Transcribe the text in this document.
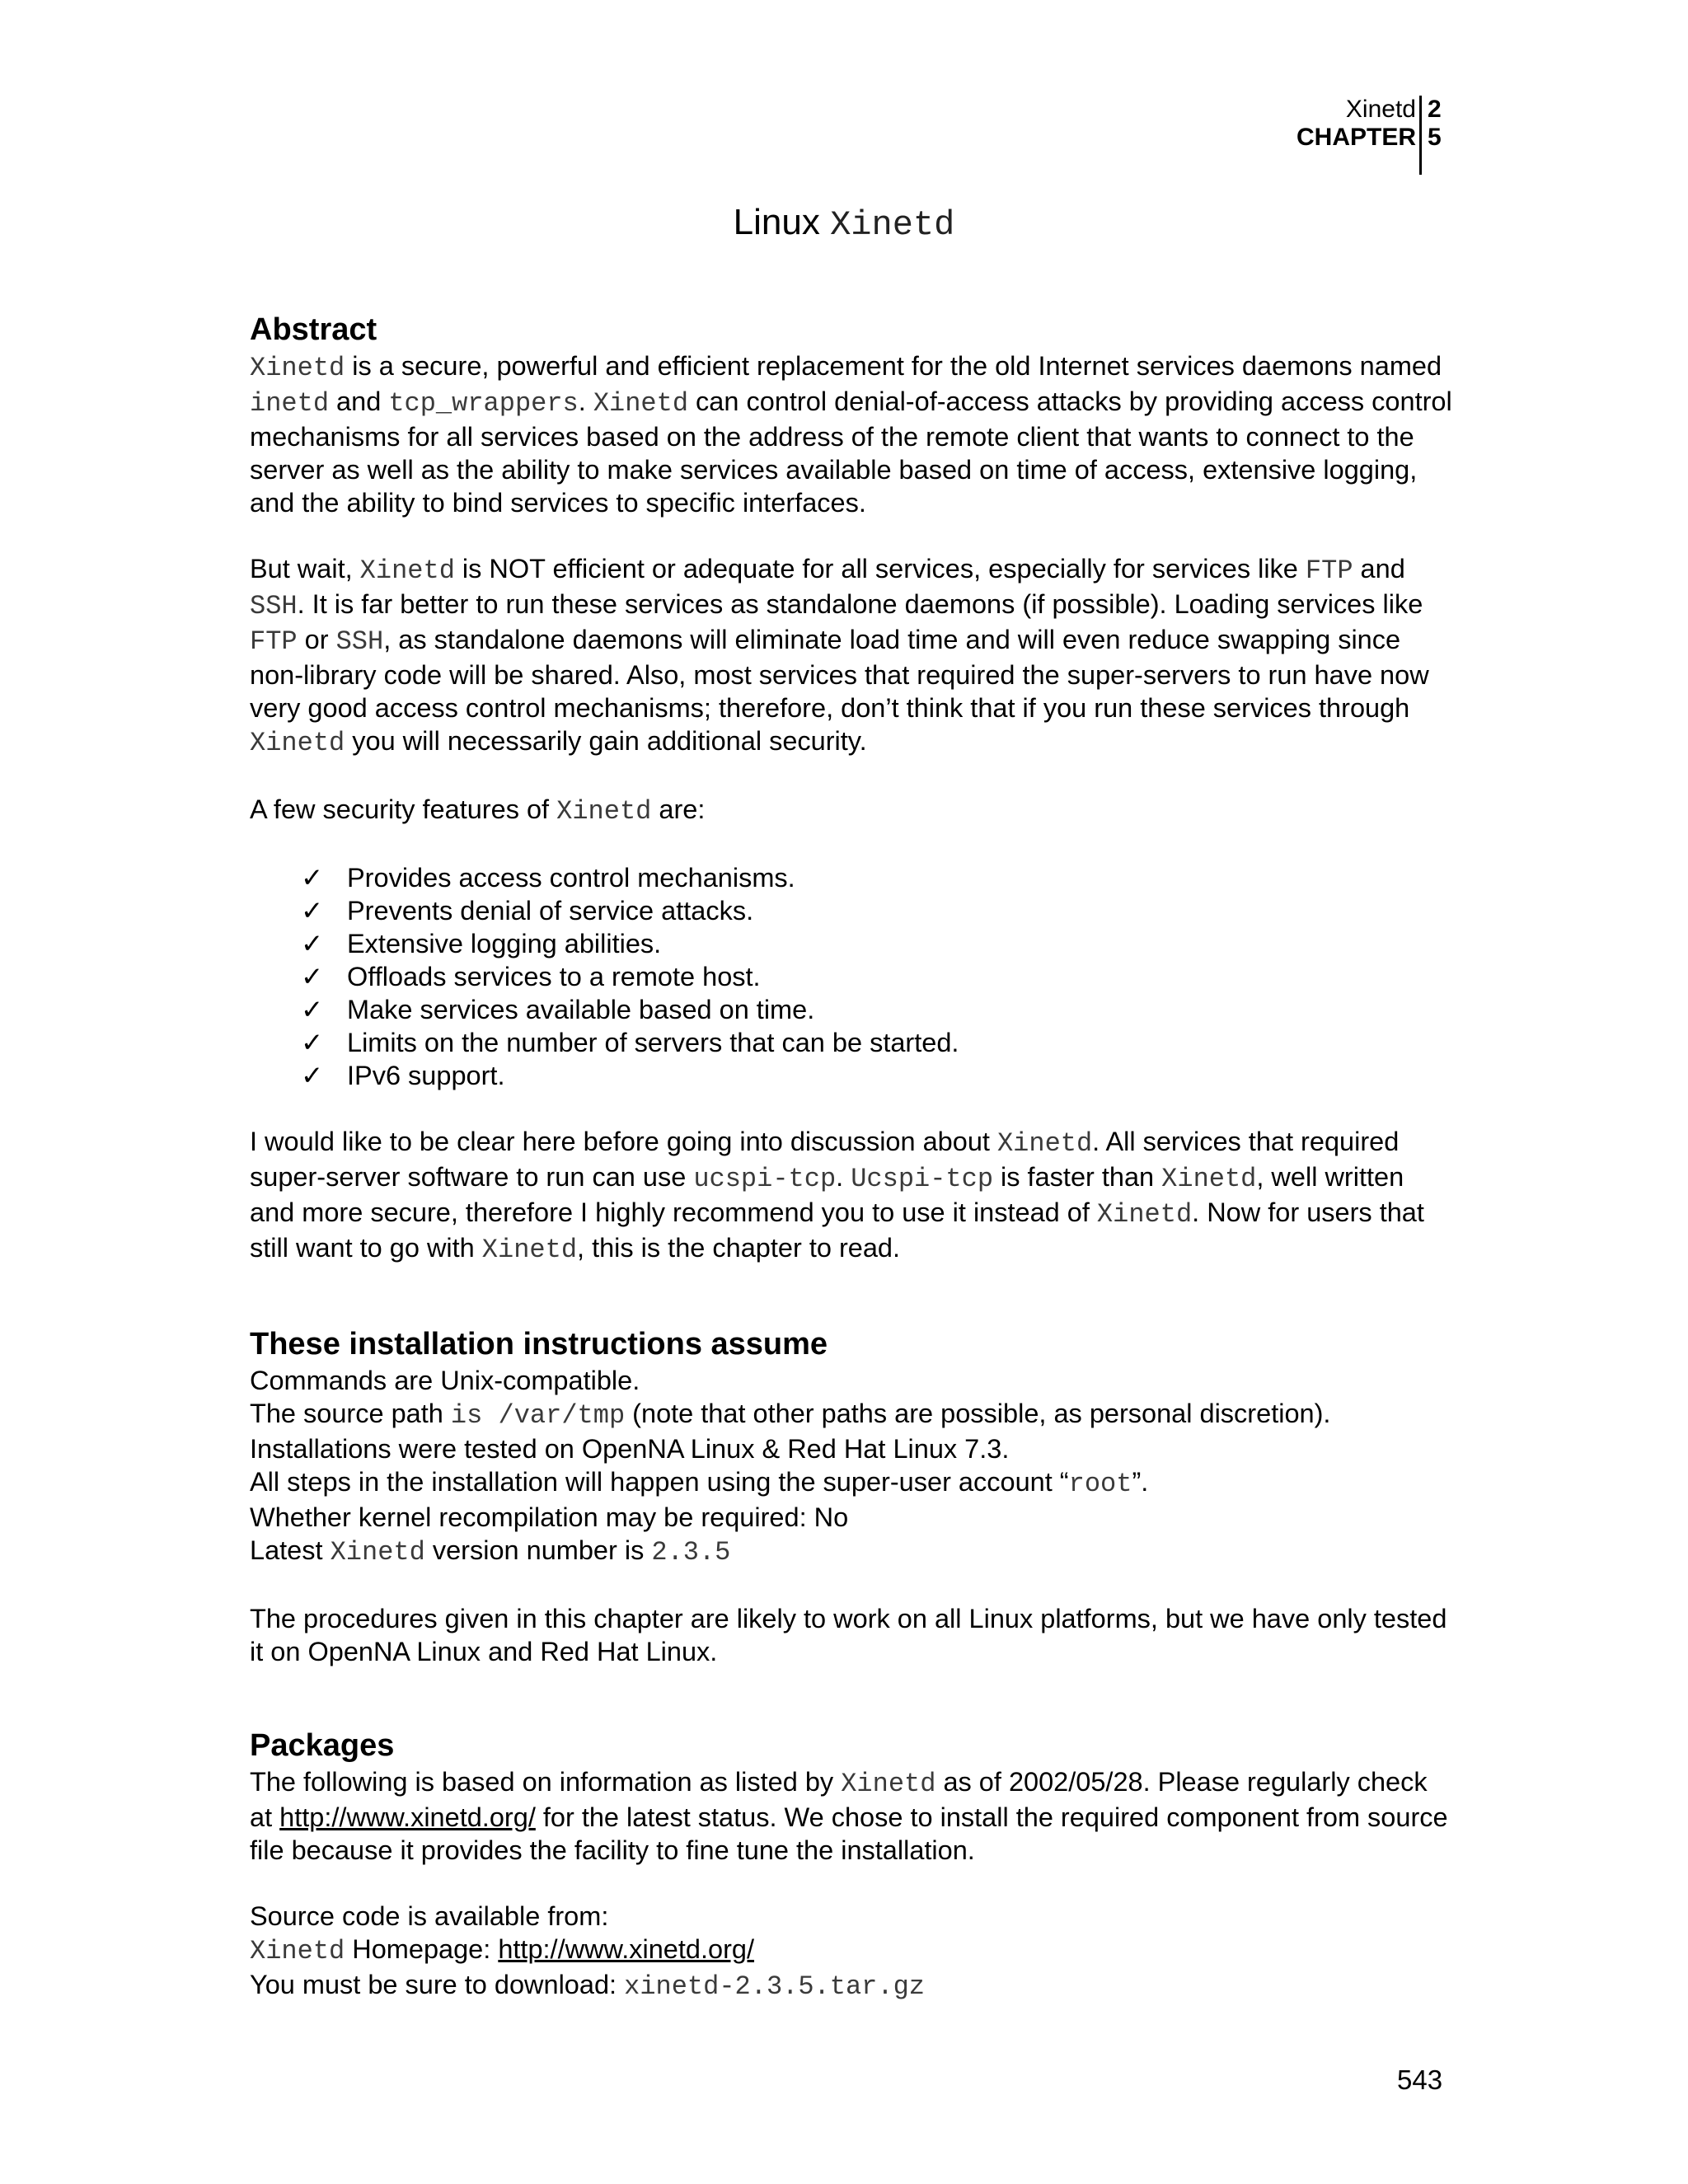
Xinetd
CHAPTER
2
5
Linux Xinetd
Abstract

Xinetd is a secure, powerful and efficient replacement for the old Internet services daemons named inetd and tcp_wrappers. Xinetd can control denial-of-access attacks by providing access control mechanisms for all services based on the address of the remote client that wants to connect to the server as well as the ability to make services available based on time of access, extensive logging, and the ability to bind services to specific interfaces.

But wait, Xinetd is NOT efficient or adequate for all services, especially for services like FTP and SSH. It is far better to run these services as standalone daemons (if possible). Loading services like FTP or SSH, as standalone daemons will eliminate load time and will even reduce swapping since non-library code will be shared. Also, most services that required the super-servers to run have now very good access control mechanisms; therefore, don’t think that if you run these services through Xinetd you will necessarily gain additional security.

A few security features of Xinetd are:

✓ Provides access control mechanisms.
✓ Prevents denial of service attacks.
✓ Extensive logging abilities.
✓ Offloads services to a remote host.
✓ Make services available based on time.
✓ Limits on the number of servers that can be started.
✓ IPv6 support.

I would like to be clear here before going into discussion about Xinetd. All services that required super-server software to run can use ucspi-tcp. Ucspi-tcp is faster than Xinetd, well written and more secure, therefore I highly recommend you to use it instead of Xinetd. Now for users that still want to go with Xinetd, this is the chapter to read.

These installation instructions assume

Commands are Unix-compatible.

The source path is /var/tmp (note that other paths are possible, as personal discretion).

Installations were tested on OpenNA Linux & Red Hat Linux 7.3.

All steps in the installation will happen using the super-user account “root”.

Whether kernel recompilation may be required: No

Latest Xinetd version number is 2.3.5

The procedures given in this chapter are likely to work on all Linux platforms, but we have only tested it on OpenNA Linux and Red Hat Linux.

Packages

The following is based on information as listed by Xinetd as of 2002/05/28. Please regularly check at http://www.xinetd.org/ for the latest status. We chose to install the required component from source file because it provides the facility to fine tune the installation.

Source code is available from:

Xinetd Homepage: http://www.xinetd.org/

You must be sure to download: xinetd-2.3.5.tar.gz

543
